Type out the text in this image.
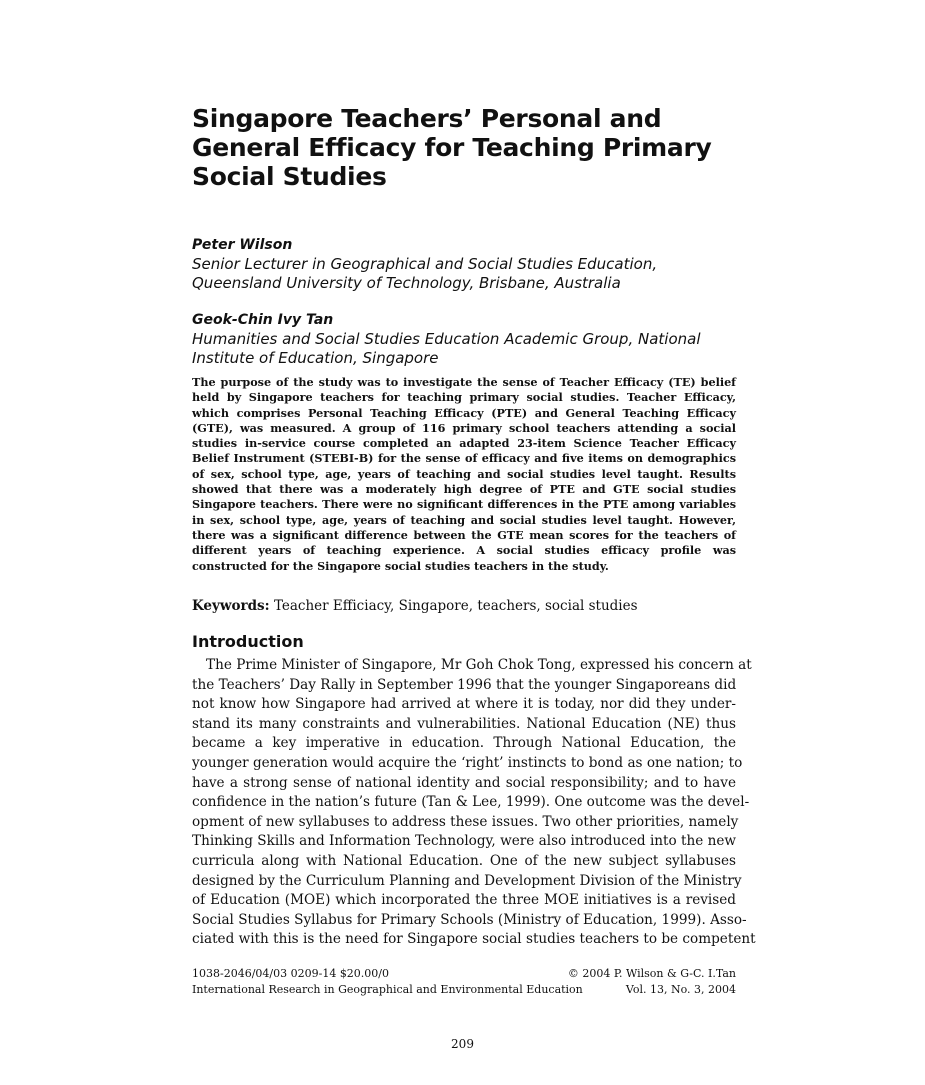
Singapore Teachers’ Personal and
General Efficacy for Teaching Primary
Social Studies
Peter Wilson
Senior Lecturer in Geographical and Social Studies Education,
Queensland University of Technology, Brisbane, Australia
Geok-Chin Ivy Tan
Humanities and Social Studies Education Academic Group, National
Institute of Education, Singapore

The purpose of the study was to investigate the sense of Teacher Efficacy (TE) belief held by Singapore teachers for teaching primary social studies. Teacher Efficacy, which comprises Personal Teaching Efficacy (PTE) and General Teaching Efficacy (GTE), was measured. A group of 116 primary school teachers attending a social studies in-service course completed an adapted 23-item Science Teacher Efficacy Belief Instrument (STEBI-B) for the sense of efficacy and five items on demographics of sex, school type, age, years of teaching and social studies level taught. Results showed that there was a moderately high degree of PTE and GTE social studies Singapore teachers. There were no significant differences in the PTE among variables in sex, school type, age, years of teaching and social studies level taught. However, there was a significant difference between the GTE mean scores for the teachers of different years of teaching experience. A social studies efficacy profile was constructed for the Singapore social studies teachers in the study.

Keywords: Teacher Efficiacy, Singapore, teachers, social studies
Introduction
The Prime Minister of Singapore, Mr Goh Chok Tong, expressed his concern at
the Teachers’ Day Rally in September 1996 that the younger Singaporeans did
not know how Singapore had arrived at where it is today, nor did they under-
stand its many constraints and vulnerabilities. National Education (NE) thus
became a key imperative in education. Through National Education, the
younger generation would acquire the ‘right’ instincts to bond as one nation; to
have a strong sense of national identity and social responsibility; and to have
confidence in the nation’s future (Tan & Lee, 1999). One outcome was the devel-
opment of new syllabuses to address these issues. Two other priorities, namely
Thinking Skills and Information Technology, were also introduced into the new
curricula along with National Education. One of the new subject syllabuses
designed by the Curriculum Planning and Development Division of the Ministry
of Education (MOE) which incorporated the three MOE initiatives is a revised
Social Studies Syllabus for Primary Schools (Ministry of Education, 1999). Asso-
ciated with this is the need for Singapore social studies teachers to be competent
1038-2046/04/03 0209-14 $20.00/0	© 2004 P. Wilson & G-C. I.Tan
International Research in Geographical and Environmental Education	Vol. 13, No. 3, 2004
209
